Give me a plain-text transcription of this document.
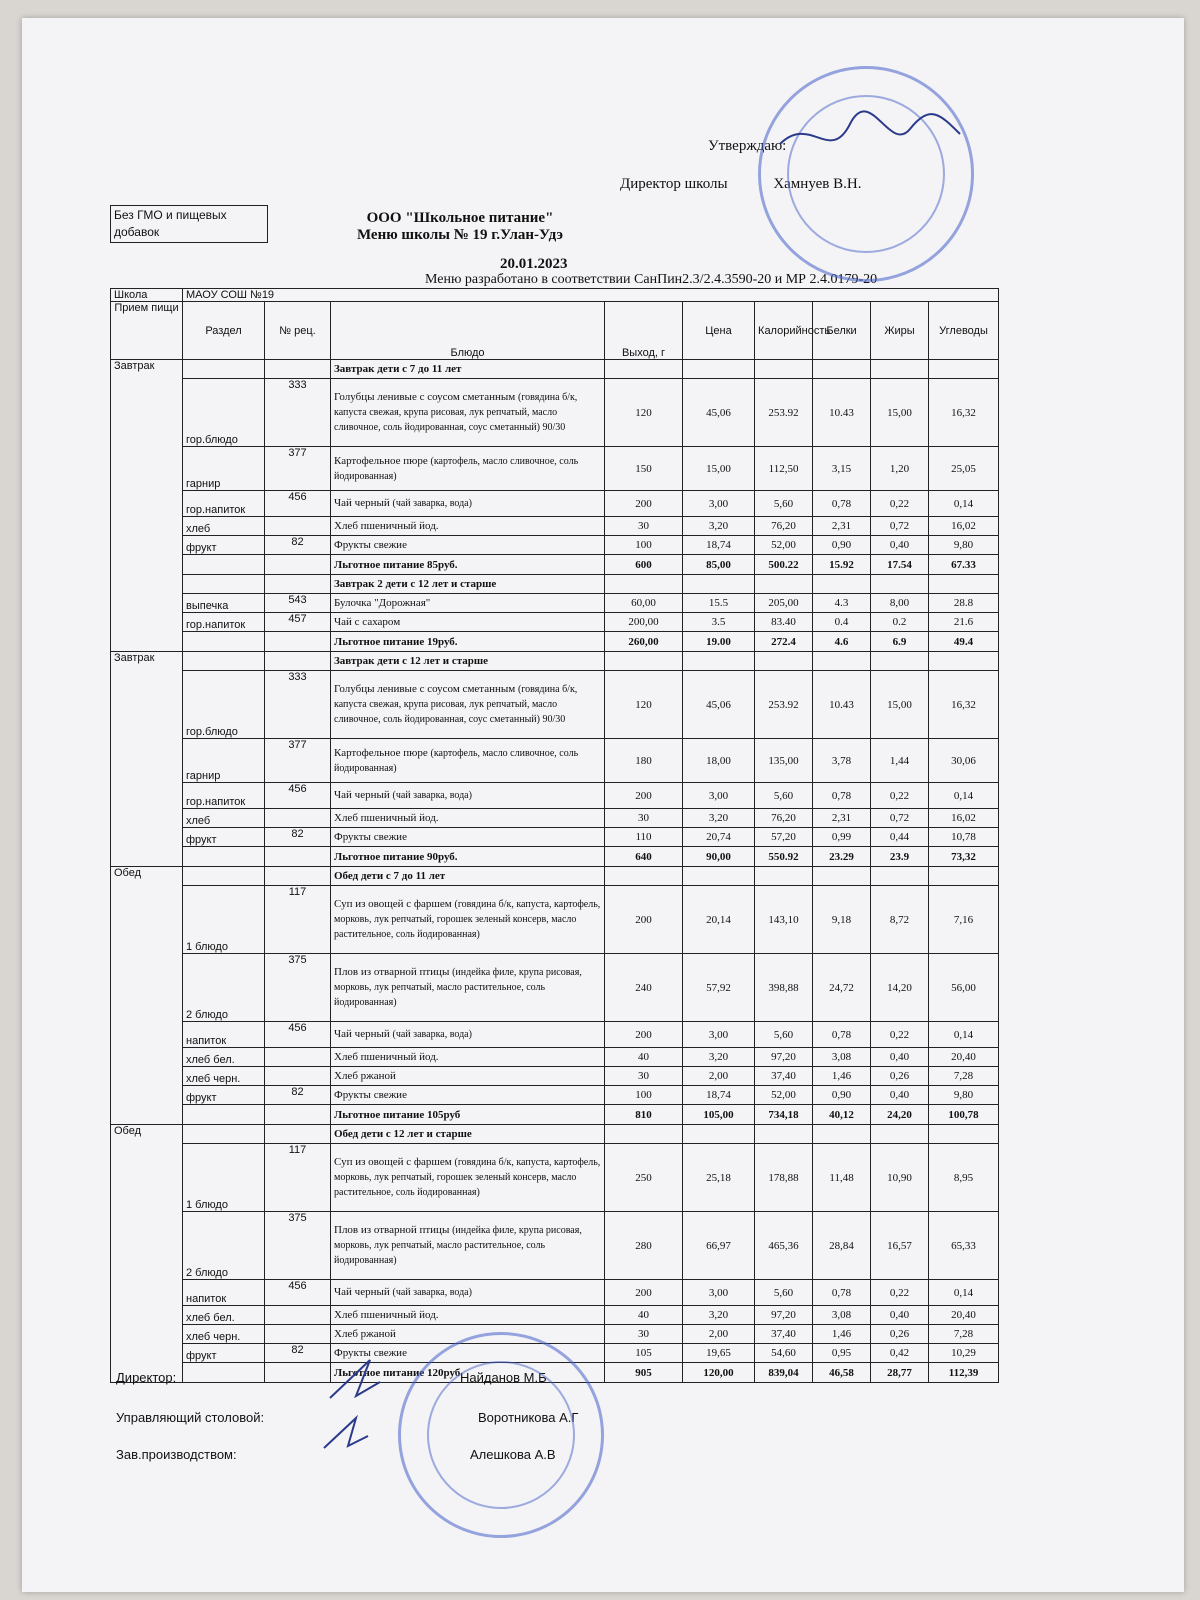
Утверждаю:
Директор школы	Хамнуев В.Н.
Без ГМО и пищевых добавок
ООО "Школьное питание"
Меню школы № 19 г.Улан-Удэ
20.01.2023
Меню разработано в соответствии СанПин2.3/2.4.3590-20 и МР 2.4.0179-20
Школа	МАОУ СОШ №19								
Прием пищи	Раздел	№ рец.	Блюдо	Выход, г	Цена	Калорийность	Белки	Жиры	Углеводы
Завтрак			Завтрак дети с 7 до 11 лет						
	гор.блюдо	333	Голубцы ленивые с соусом сметанным (говядина б/к, капуста свежая, крупа рисовая, лук репчатый, масло сливочное, соль йодированная, соус сметанный) 90/30	120	45,06	253.92	10.43	15,00	16,32
	гарнир	377	Картофельное пюре (картофель, масло сливочное, соль йодированная)	150	15,00	112,50	3,15	1,20	25,05
	гор.напиток	456	Чай черный (чай заварка, вода)	200	3,00	5,60	0,78	0,22	0,14
	хлеб		Хлеб пшеничный йод.	30	3,20	76,20	2,31	0,72	16,02
	фрукт	82	Фрукты свежие	100	18,74	52,00	0,90	0,40	9,80
			Льготное питание 85руб.	600	85,00	500.22	15.92	17.54	67.33
			Завтрак 2 дети с 12 лет и старше						
	выпечка	543	Булочка "Дорожная"	60,00	15.5	205,00	4.3	8,00	28.8
	гор.напиток	457	Чай с сахаром	200,00	3.5	83.40	0.4	0.2	21.6
			Льготное питание 19руб.	260,00	19.00	272.4	4.6	6.9	49.4
Завтрак			Завтрак дети с 12 лет и старше						
	гор.блюдо	333	Голубцы ленивые с соусом сметанным (говядина б/к, капуста свежая, крупа рисовая, лук репчатый, масло сливочное, соль йодированная, соус сметанный) 90/30	120	45,06	253.92	10.43	15,00	16,32
	гарнир	377	Картофельное пюре (картофель, масло сливочное, соль йодированная)	180	18,00	135,00	3,78	1,44	30,06
	гор.напиток	456	Чай черный (чай заварка, вода)	200	3,00	5,60	0,78	0,22	0,14
	хлеб		Хлеб пшеничный йод.	30	3,20	76,20	2,31	0,72	16,02
	фрукт	82	Фрукты свежие	110	20,74	57,20	0,99	0,44	10,78
			Льготное питание 90руб.	640	90,00	550.92	23.29	23.9	73,32
Обед			Обед дети с 7 до 11 лет						
	1 блюдо	117	Суп из овощей с фаршем (говядина б/к, капуста, картофель, морковь, лук репчатый, горошек зеленый консерв, масло растительное, соль йодированная)	200	20,14	143,10	9,18	8,72	7,16
	2 блюдо	375	Плов из отварной птицы (индейка филе, крупа рисовая, морковь, лук репчатый, масло растительное, соль йодированная)	240	57,92	398,88	24,72	14,20	56,00
	напиток	456	Чай черный (чай заварка, вода)	200	3,00	5,60	0,78	0,22	0,14
	хлеб бел.		Хлеб пшеничный йод.	40	3,20	97,20	3,08	0,40	20,40
	хлеб черн.		Хлеб ржаной	30	2,00	37,40	1,46	0,26	7,28
	фрукт	82	Фрукты свежие	100	18,74	52,00	0,90	0,40	9,80
			Льготное питание 105руб	810	105,00	734,18	40,12	24,20	100,78
Обед			Обед дети с 12 лет и старше						
	1 блюдо	117	Суп из овощей с фаршем (говядина б/к, капуста, картофель, морковь, лук репчатый, горошек зеленый консерв, масло растительное, соль йодированная)	250	25,18	178,88	11,48	10,90	8,95
	2 блюдо	375	Плов из отварной птицы (индейка филе, крупа рисовая, морковь, лук репчатый, масло растительное, соль йодированная)	280	66,97	465,36	28,84	16,57	65,33
	напиток	456	Чай черный (чай заварка, вода)	200	3,00	5,60	0,78	0,22	0,14
	хлеб бел.		Хлеб пшеничный йод.	40	3,20	97,20	3,08	0,40	20,40
	хлеб черн.		Хлеб ржаной	30	2,00	37,40	1,46	0,26	7,28
	фрукт	82	Фрукты свежие	105	19,65	54,60	0,95	0,42	10,29
			Льготное питание 120руб	905	120,00	839,04	46,58	28,77	112,39
Директор:	Найданов М.Б
Управляющий столовой:	Воротникова А.Г
Зав.производством:	Алешкова А.В
